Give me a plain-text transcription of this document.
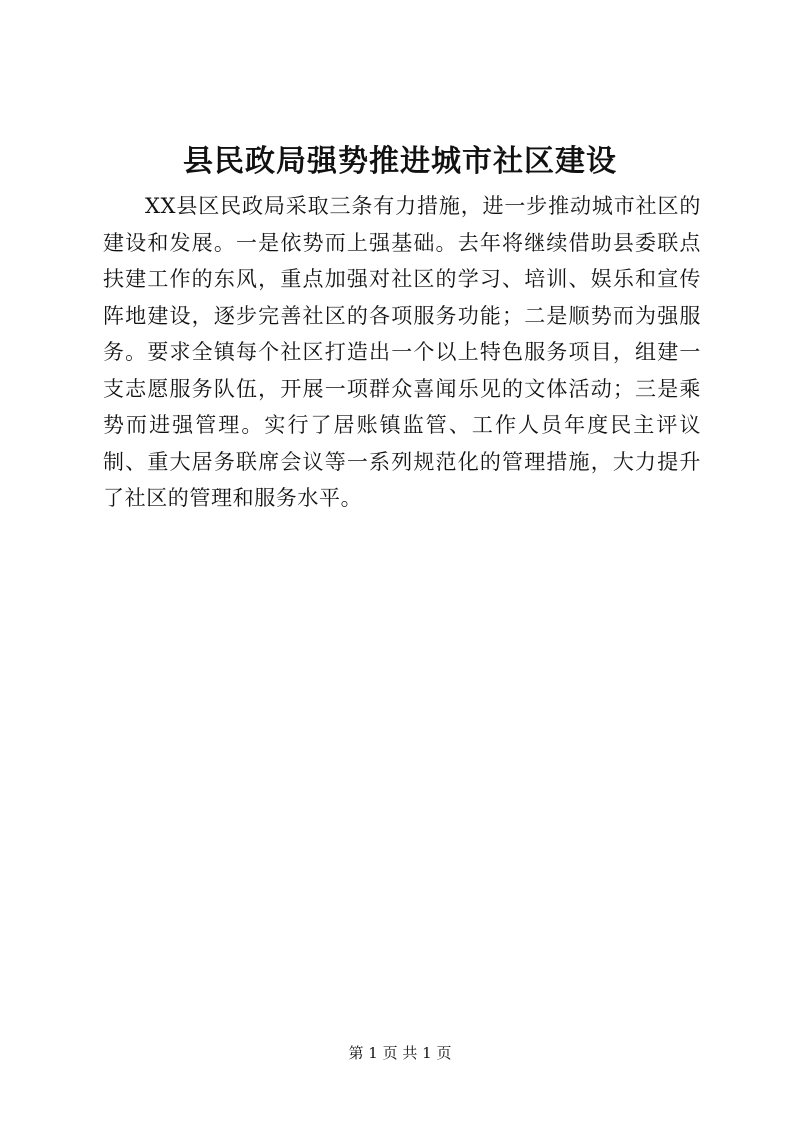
县民政局强势推进城市社区建设

XX县区民政局采取三条有力措施，进一步推动城市社区的建设和发展。一是依势而上强基础。去年将继续借助县委联点扶建工作的东风，重点加强对社区的学习、培训、娱乐和宣传阵地建设，逐步完善社区的各项服务功能；二是顺势而为强服务。要求全镇每个社区打造出一个以上特色服务项目，组建一支志愿服务队伍，开展一项群众喜闻乐见的文体活动；三是乘势而进强管理。实行了居账镇监管、工作人员年度民主评议制、重大居务联席会议等一系列规范化的管理措施，大力提升了社区的管理和服务水平。

第 1 页 共 1 页
